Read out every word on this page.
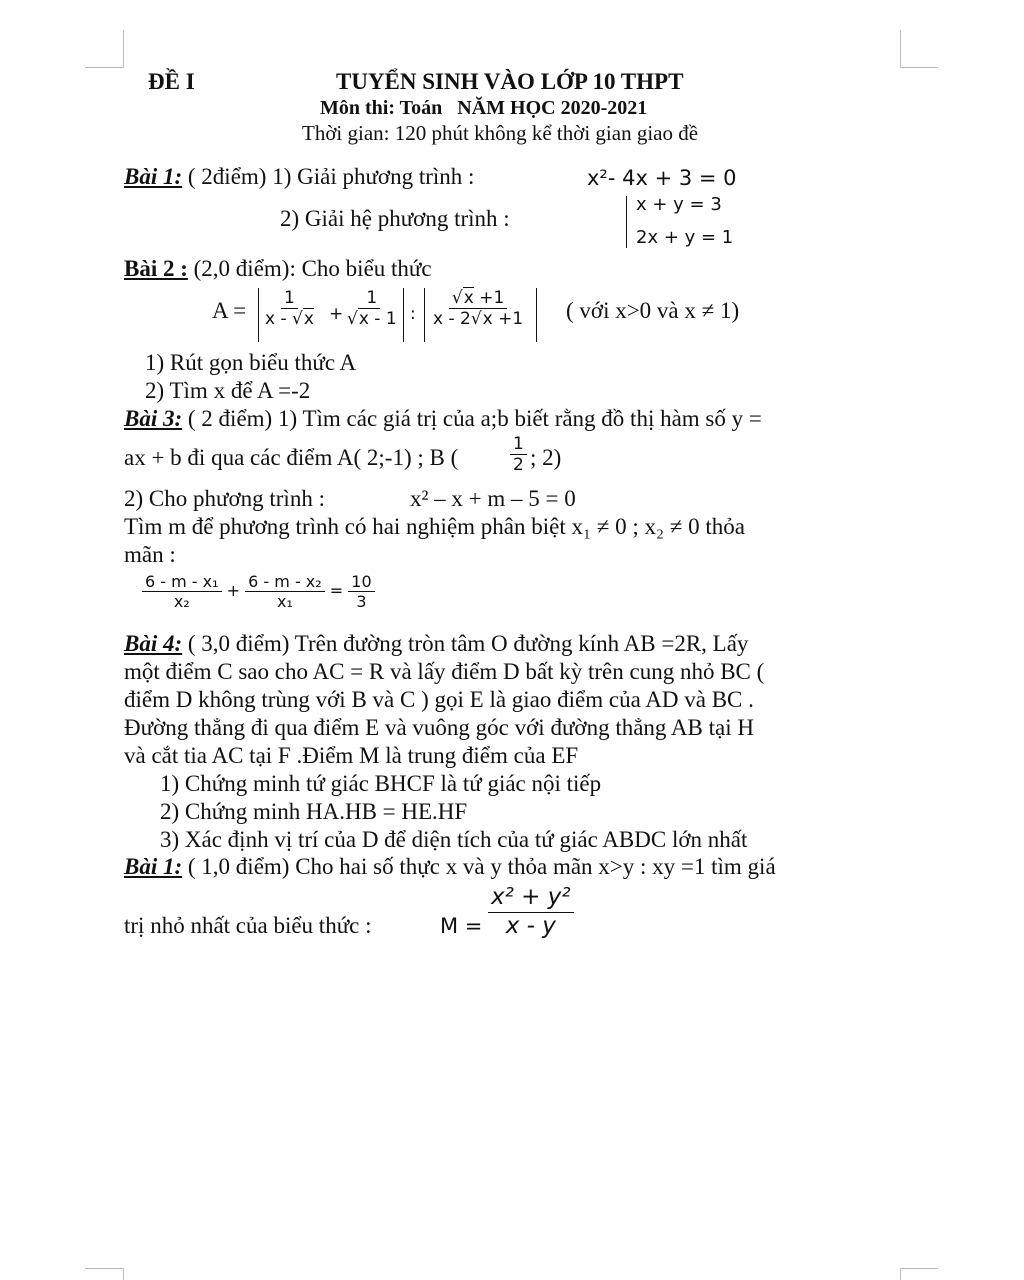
ĐỀ I	TUYỂN SINH VÀO LỚP 10 THPT
Môn thi: Toán NĂM HỌC 2020-2021
Thời gian: 120 phút không kể thời gian giao đề
Bài 1: ( 2điểm) 1) Giải phương trình :	x²- 4x + 3 = 0
2) Giải hệ phương trình :
x + y = 3
2x + y = 1
Bài 2 : (2,0 điểm): Cho biểu thức
$A = \frac{1}{x - √x} + \frac{1}{√x - 1}$ : $\frac{√x +1}{x - 2√x +1}$ ( với x>0 và x ≠ 1)
1) Rút gọn biểu thức A
2) Tìm x để A =-2
Bài 3: ( 2 điểm) 1) Tìm các giá trị của a;b biết rằng đồ thị hàm số y =
ax + b đi qua các điểm A( 2;-1) ; B (	$\frac{1}{2}$ ; 2)
2) Cho phương trình :	x² – x + m – 5 = 0
Tìm m để phương trình có hai nghiệm phân biệt x₁ ≠ 0 ; x₂ ≠ 0 thỏa
mãn :
$\frac{\text{6 - m - x₁}}{\text{x₂}} + \frac{\text{6 - m - x₂}}{\text{x₁}} = \frac{10}{3}$
Bài 4: ( 3,0 điểm) Trên đường tròn tâm O đường kính AB =2R, Lấy
một điểm C sao cho AC = R và lấy điểm D bất kỳ trên cung nhỏ BC (
điểm D không trùng với B và C ) gọi E là giao điểm của AD và BC .
Đường thẳng đi qua điểm E và vuông góc với đường thẳng AB tại H
và cắt tia AC tại F .Điểm M là trung điểm của EF
1) Chứng minh tứ giác BHCF là tứ giác nội tiếp
2) Chứng minh HA.HB = HE.HF
3) Xác định vị trí của D để diện tích của tứ giác ABDC lớn nhất
Bài 1: ( 1,0 điểm) Cho hai số thực x và y thỏa mãn x>y : xy =1 tìm giá
trị nhỏ nhất của biểu thức :	$M = \frac{\text{x² + y²}}{x - y}$
